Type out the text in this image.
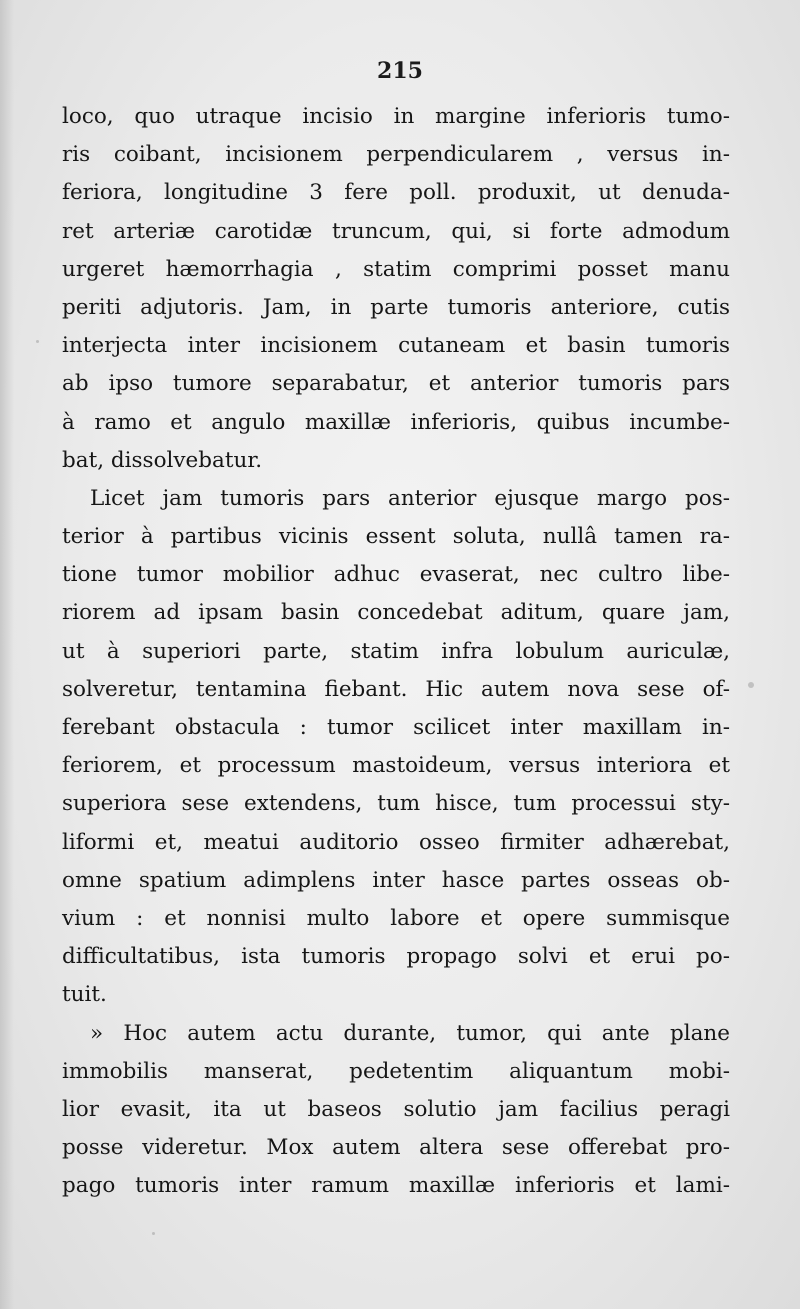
215

loco, quo utraque incisio in margine inferioris tumo-

ris coibant, incisionem perpendicularem , versus in-

feriora, longitudine 3 fere poll. produxit, ut denuda-

ret arteriæ carotidæ truncum, qui, si forte admodum

urgeret hæmorrhagia , statim comprimi posset manu

periti adjutoris. Jam, in parte tumoris anteriore, cutis

interjecta inter incisionem cutaneam et basin tumoris

ab ipso tumore separabatur, et anterior tumoris pars

à ramo et angulo maxillæ inferioris, quibus incumbe-

bat, dissolvebatur.

Licet jam tumoris pars anterior ejusque margo pos-

terior à partibus vicinis essent soluta, nullâ tamen ra-

tione tumor mobilior adhuc evaserat, nec cultro libe-

riorem ad ipsam basin concedebat aditum, quare jam,

ut à superiori parte, statim infra lobulum auriculæ,

solveretur, tentamina fiebant. Hic autem nova sese of-

ferebant obstacula : tumor scilicet inter maxillam in-

feriorem, et processum mastoideum, versus interiora et

superiora sese extendens, tum hisce, tum processui sty-

liformi et, meatui auditorio osseo firmiter adhærebat,

omne spatium adimplens inter hasce partes osseas ob-

vium : et nonnisi multo labore et opere summisque

difficultatibus, ista tumoris propago solvi et erui po-

tuit.

» Hoc autem actu durante, tumor, qui ante plane

immobilis manserat, pedetentim aliquantum mobi-

lior evasit, ita ut baseos solutio jam facilius peragi

posse videretur. Mox autem altera sese offerebat pro-

pago tumoris inter ramum maxillæ inferioris et lami-
